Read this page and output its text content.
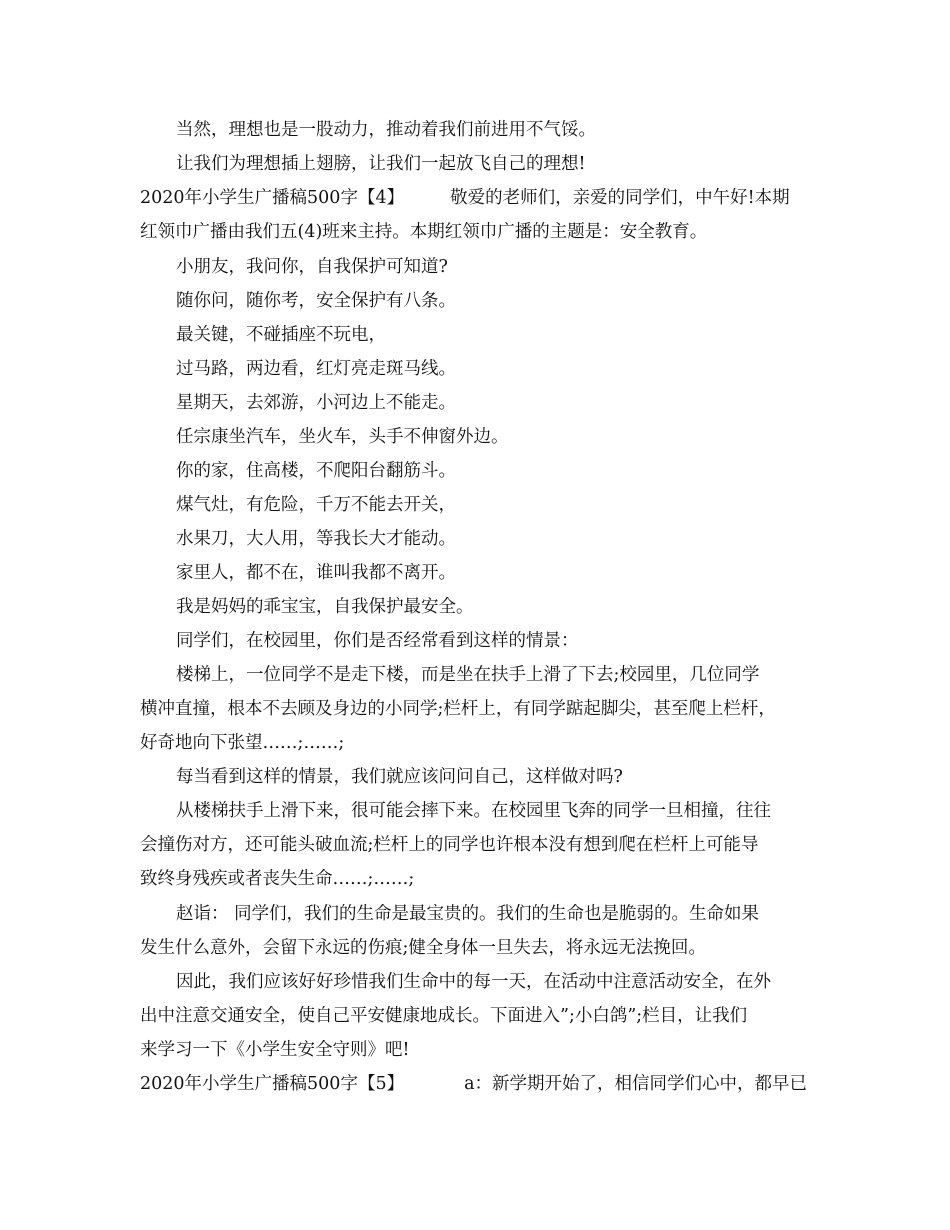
当然，理想也是一股动力，推动着我们前进用不气馁。
让我们为理想插上翅膀，让我们一起放飞自己的理想!
2020年小学生广播稿500字【4】	敬爱的老师们，亲爱的同学们，中午好!本期
红领巾广播由我们五(4)班来主持。本期红领巾广播的主题是：安全教育。
小朋友，我问你，自我保护可知道?
随你问，随你考，安全保护有八条。
最关键，不碰插座不玩电，
过马路，两边看，红灯亮走斑马线。
星期天，去郊游，小河边上不能走。
任宗康坐汽车，坐火车，头手不伸窗外边。
你的家，住高楼，不爬阳台翻筋斗。
煤气灶，有危险，千万不能去开关，
水果刀，大人用，等我长大才能动。
家里人，都不在，谁叫我都不离开。
我是妈妈的乖宝宝，自我保护最安全。
同学们，在校园里，你们是否经常看到这样的情景：
楼梯上，一位同学不是走下楼，而是坐在扶手上滑了下去;校园里，几位同学
横冲直撞，根本不去顾及身边的小同学;栏杆上，有同学踮起脚尖，甚至爬上栏杆，
好奇地向下张望……;……;
每当看到这样的情景，我们就应该问问自己，这样做对吗?
从楼梯扶手上滑下来，很可能会摔下来。在校园里飞奔的同学一旦相撞，往往
会撞伤对方，还可能头破血流;栏杆上的同学也许根本没有想到爬在栏杆上可能导
致终身残疾或者丧失生命……;……;
赵诣： 同学们，我们的生命是最宝贵的。我们的生命也是脆弱的。生命如果
发生什么意外，会留下永远的伤痕;健全身体一旦失去，将永远无法挽回。
因此，我们应该好好珍惜我们生命中的每一天，在活动中注意活动安全，在外
出中注意交通安全，使自己平安健康地成长。下面进入”;小白鸽”;栏目，让我们
来学习一下《小学生安全守则》吧!
2020年小学生广播稿500字【5】	a：新学期开始了，相信同学们心中，都早已
